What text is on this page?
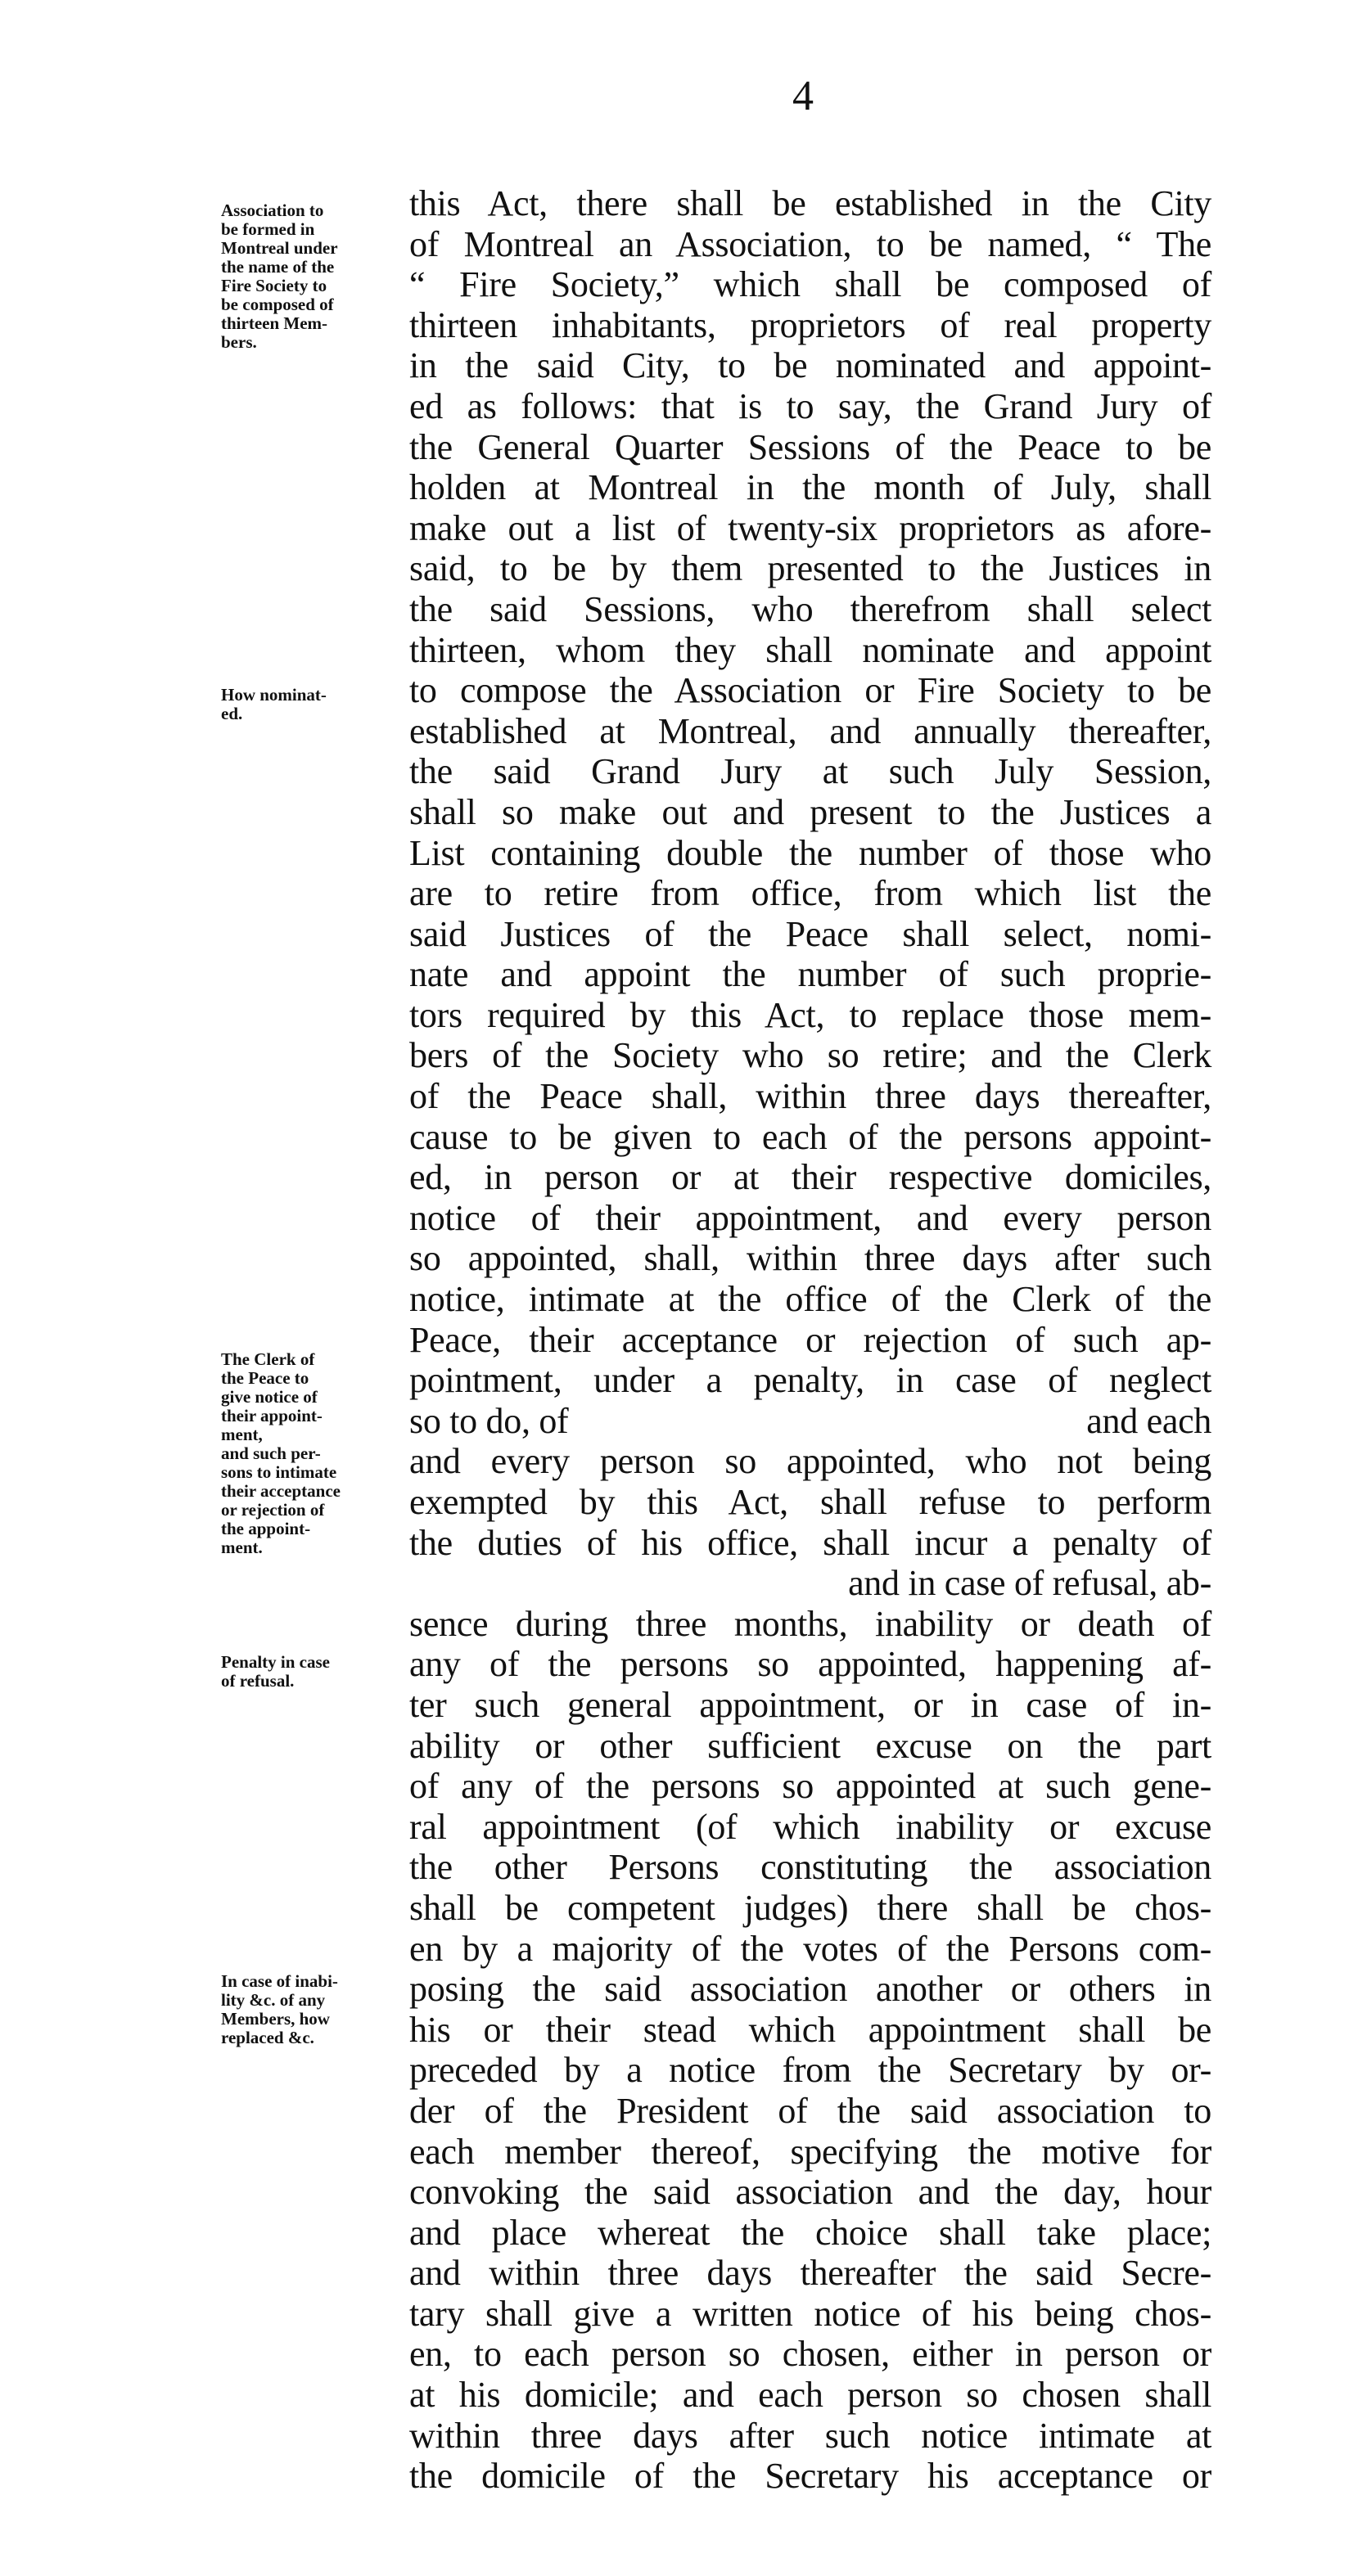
4
Association to
be formed in
Montreal under
the name of the
Fire Society to
be composed of
thirteen Mem-
bers.
How nominat-
ed.
The Clerk of
the Peace to
give notice of
their appoint-
ment,
and such per-
sons to intimate
their acceptance
or rejection of
the appoint-
ment.
Penalty in case
of refusal.
In case of inabi-
lity &c. of any
Members, how
replaced &c.
this Act, there shall be established in the City
of Montreal an Association, to be named, “ The
“ Fire Society,” which shall be composed of
thirteen inhabitants, proprietors of real property
in the said City, to be nominated and appoint-
ed as follows: that is to say, the Grand Jury of
the General Quarter Sessions of the Peace to be
holden at Montreal in the month of July, shall
make out a list of twenty-six proprietors as afore-
said, to be by them presented to the Justices in
the said Sessions, who therefrom shall select
thirteen, whom they shall nominate and appoint
to compose the Association or Fire Society to be
established at Montreal, and annually thereafter,
the said Grand Jury at such July Session,
shall so make out and present to the Justices a
List containing double the number of those who
are to retire from office, from which list the
said Justices of the Peace shall select, nomi-
nate and appoint the number of such proprie-
tors required by this Act, to replace those mem-
bers of the Society who so retire; and the Clerk
of the Peace shall, within three days thereafter,
cause to be given to each of the persons appoint-
ed, in person or at their respective domiciles,
notice of their appointment, and every person
so appointed, shall, within three days after such
notice, intimate at the office of the Clerk of the
Peace, their acceptance or rejection of such ap-
pointment, under a penalty, in case of neglect
so to do, of	and each
and every person so appointed, who not being
exempted by this Act, shall refuse to perform
the duties of his office, shall incur a penalty of
and in case of refusal, ab-
sence during three months, inability or death of
any of the persons so appointed, happening af-
ter such general appointment, or in case of in-
ability or other sufficient excuse on the part
of any of the persons so appointed at such gene-
ral appointment (of which inability or excuse
the other Persons constituting the association
shall be competent judges) there shall be chos-
en by a majority of the votes of the Persons com-
posing the said association another or others in
his or their stead which appointment shall be
preceded by a notice from the Secretary by or-
der of the President of the said association to
each member thereof, specifying the motive for
convoking the said association and the day, hour
and place whereat the choice shall take place;
and within three days thereafter the said Secre-
tary shall give a written notice of his being chos-
en, to each person so chosen, either in person or
at his domicile; and each person so chosen shall
within three days after such notice intimate at
the domicile of the Secretary his acceptance or
